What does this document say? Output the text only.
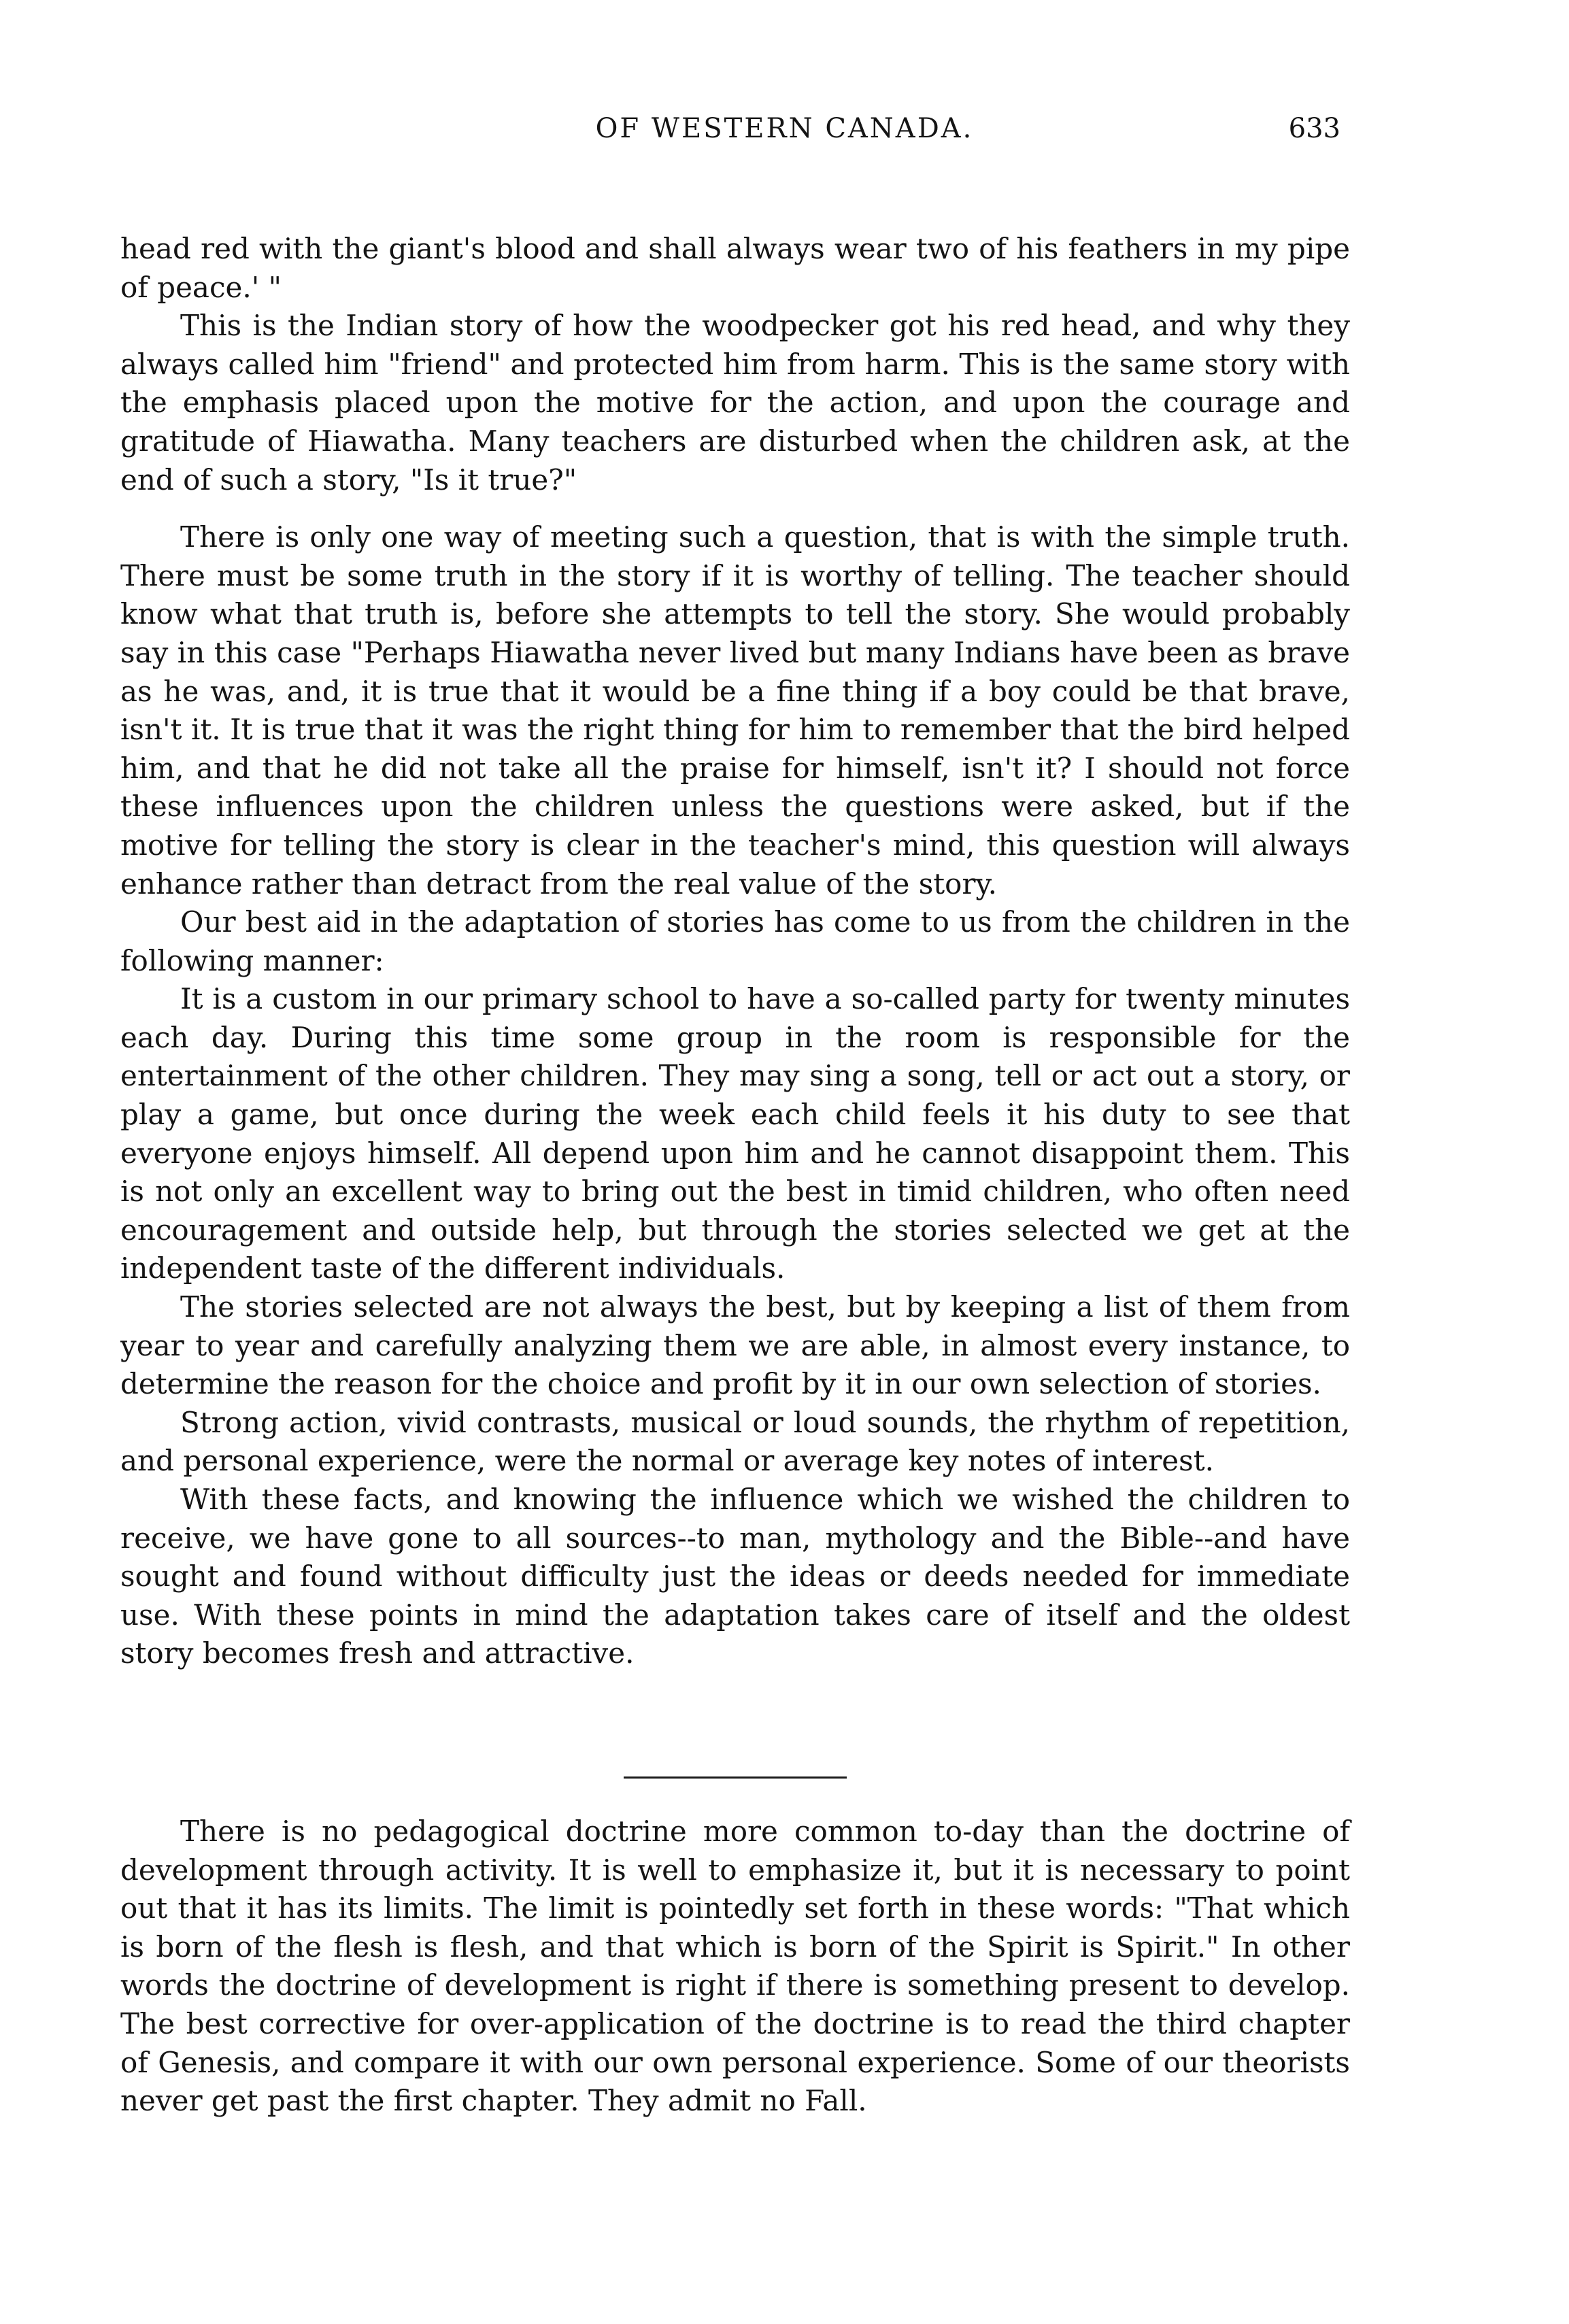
OF WESTERN CANADA.	633

head red with the giant's blood and shall always wear two of his feathers in my pipe of peace.' "

This is the Indian story of how the woodpecker got his red head, and why they always called him "friend" and protected him from harm. This is the same story with the emphasis placed upon the motive for the action, and upon the courage and gratitude of Hiawatha. Many teachers are disturbed when the children ask, at the end of such a story, "Is it true?"

There is only one way of meeting such a question, that is with the simple truth. There must be some truth in the story if it is worthy of telling. The teacher should know what that truth is, before she attempts to tell the story. She would probably say in this case "Perhaps Hiawatha never lived but many Indians have been as brave as he was, and, it is true that it would be a fine thing if a boy could be that brave, isn't it. It is true that it was the right thing for him to remember that the bird helped him, and that he did not take all the praise for himself, isn't it? I should not force these influences upon the children unless the questions were asked, but if the motive for telling the story is clear in the teacher's mind, this question will always enhance rather than detract from the real value of the story.

Our best aid in the adaptation of stories has come to us from the children in the following manner:

It is a custom in our primary school to have a so-called party for twenty minutes each day. During this time some group in the room is responsible for the entertainment of the other children. They may sing a song, tell or act out a story, or play a game, but once during the week each child feels it his duty to see that everyone enjoys himself. All depend upon him and he cannot disappoint them. This is not only an excellent way to bring out the best in timid children, who often need encouragement and outside help, but through the stories selected we get at the independent taste of the different individuals.

The stories selected are not always the best, but by keeping a list of them from year to year and carefully analyzing them we are able, in almost every instance, to determine the reason for the choice and profit by it in our own selection of stories.

Strong action, vivid contrasts, musical or loud sounds, the rhythm of repetition, and personal experience, were the normal or average key notes of interest.

With these facts, and knowing the influence which we wished the children to receive, we have gone to all sources--to man, mythology and the Bible--and have sought and found without difficulty just the ideas or deeds needed for immediate use. With these points in mind the adaptation takes care of itself and the oldest story becomes fresh and attractive.

There is no pedagogical doctrine more common to-day than the doctrine of development through activity. It is well to emphasize it, but it is necessary to point out that it has its limits. The limit is pointedly set forth in these words: "That which is born of the flesh is flesh, and that which is born of the Spirit is Spirit." In other words the doctrine of development is right if there is something present to develop. The best corrective for over-application of the doctrine is to read the third chapter of Genesis, and compare it with our own personal experience. Some of our theorists never get past the first chapter. They admit no Fall.
